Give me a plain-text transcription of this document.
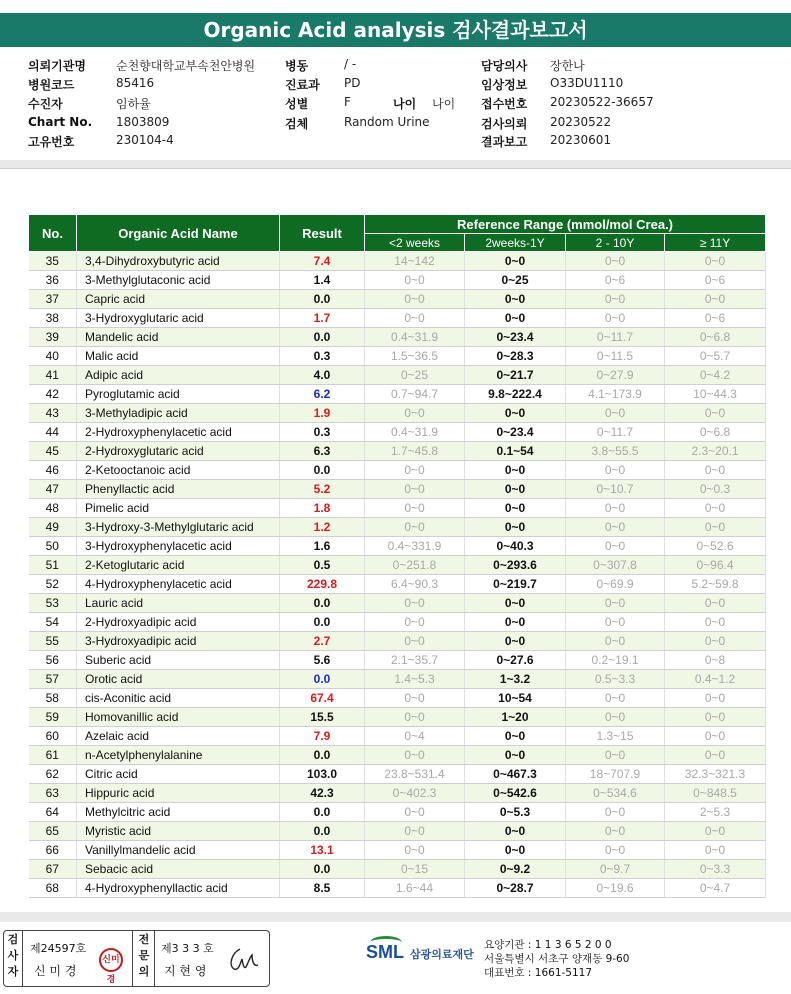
Organic Acid analysis 검사결과보고서
의뢰기관명	순천향대학교부속천안병원 병동	/ -	담당의사 장한나
병원코드	85416	진료과 PD	임상정보 O33DU1110
수진자	임하율	성별	F	나이 나이 접수번호 20230522-36657
Chart No. 1803809	검체	Random Urine	검사의뢰 20230522
고유번호	230104-4	결과보고 20230601
No.	Organic Acid Name	Result	Reference Range (mmol/mol Crea.)			
			<2 weeks	2weeks-1Y	2 - 10Y	≥ 11Y
35	3,4-Dihydroxybutyric acid	7.4	14~142	0~0	0~0	0~0
36	3-Methylglutaconic acid	1.4	0~0	0~25	0~6	0~6
37	Capric acid	0.0	0~0	0~0	0~0	0~0
38	3-Hydroxyglutaric acid	1.7	0~0	0~0	0~0	0~6
39	Mandelic acid	0.0	0.4~31.9	0~23.4	0~11.7	0~6.8
40	Malic acid	0.3	1.5~36.5	0~28.3	0~11.5	0~5.7
41	Adipic acid	4.0	0~25	0~21.7	0~27.9	0~4.2
42	Pyroglutamic acid	6.2	0.7~94.7	9.8~222.4	4.1~173.9	10~44.3
43	3-Methyladipic acid	1.9	0~0	0~0	0~0	0~0
44	2-Hydroxyphenylacetic acid	0.3	0.4~31.9	0~23.4	0~11.7	0~6.8
45	2-Hydroxyglutaric acid	6.3	1.7~45.8	0.1~54	3.8~55.5	2.3~20.1
46	2-Ketooctanoic acid	0.0	0~0	0~0	0~0	0~0
47	Phenyllactic acid	5.2	0~0	0~0	0~10.7	0~0.3
48	Pimelic acid	1.8	0~0	0~0	0~0	0~0
49	3-Hydroxy-3-Methylglutaric acid	1.2	0~0	0~0	0~0	0~0
50	3-Hydroxyphenylacetic acid	1.6	0.4~331.9	0~40.3	0~0	0~52.6
51	2-Ketoglutaric acid	0.5	0~251.8	0~293.6	0~307.8	0~96.4
52	4-Hydroxyphenylacetic acid	229.8	6.4~90.3	0~219.7	0~69.9	5.2~59.8
53	Lauric acid	0.0	0~0	0~0	0~0	0~0
54	2-Hydroxyadipic acid	0.0	0~0	0~0	0~0	0~0
55	3-Hydroxyadipic acid	2.7	0~0	0~0	0~0	0~0
56	Suberic acid	5.6	2.1~35.7	0~27.6	0.2~19.1	0~8
57	Orotic acid	0.0	1.4~5.3	1~3.2	0.5~3.3	0.4~1.2
58	cis-Aconitic acid	67.4	0~0	10~54	0~0	0~0
59	Homovanillic acid	15.5	0~0	1~20	0~0	0~0
60	Azelaic acid	7.9	0~4	0~0	1.3~15	0~0
61	n-Acetylphenylalanine	0.0	0~0	0~0	0~0	0~0
62	Citric acid	103.0	23.8~531.4	0~467.3	18~707.9	32.3~321.3
63	Hippuric acid	42.3	0~402.3	0~542.6	0~534.6	0~848.5
64	Methylcitric acid	0.0	0~0	0~5.3	0~0	2~5.3
65	Myristic acid	0.0	0~0	0~0	0~0	0~0
66	Vanillylmandelic acid	13.1	0~0	0~0	0~0	0~0
67	Sebacic acid	0.0	0~15	0~9.2	0~9.7	0~3.3
68	4-Hydroxyphenyllactic acid	8.5	1.6~44	0~28.7	0~19.6	0~4.7
검
사
자
제24597호
신 미 경
신미경
전
문
의
제3 3 3 호
지 현 영
SML 삼광의료재단
요양기관 : 1 1 3 6 5 2 0 0
서울특별시 서초구 양재동 9-60
대표번호 : 1661-5117
